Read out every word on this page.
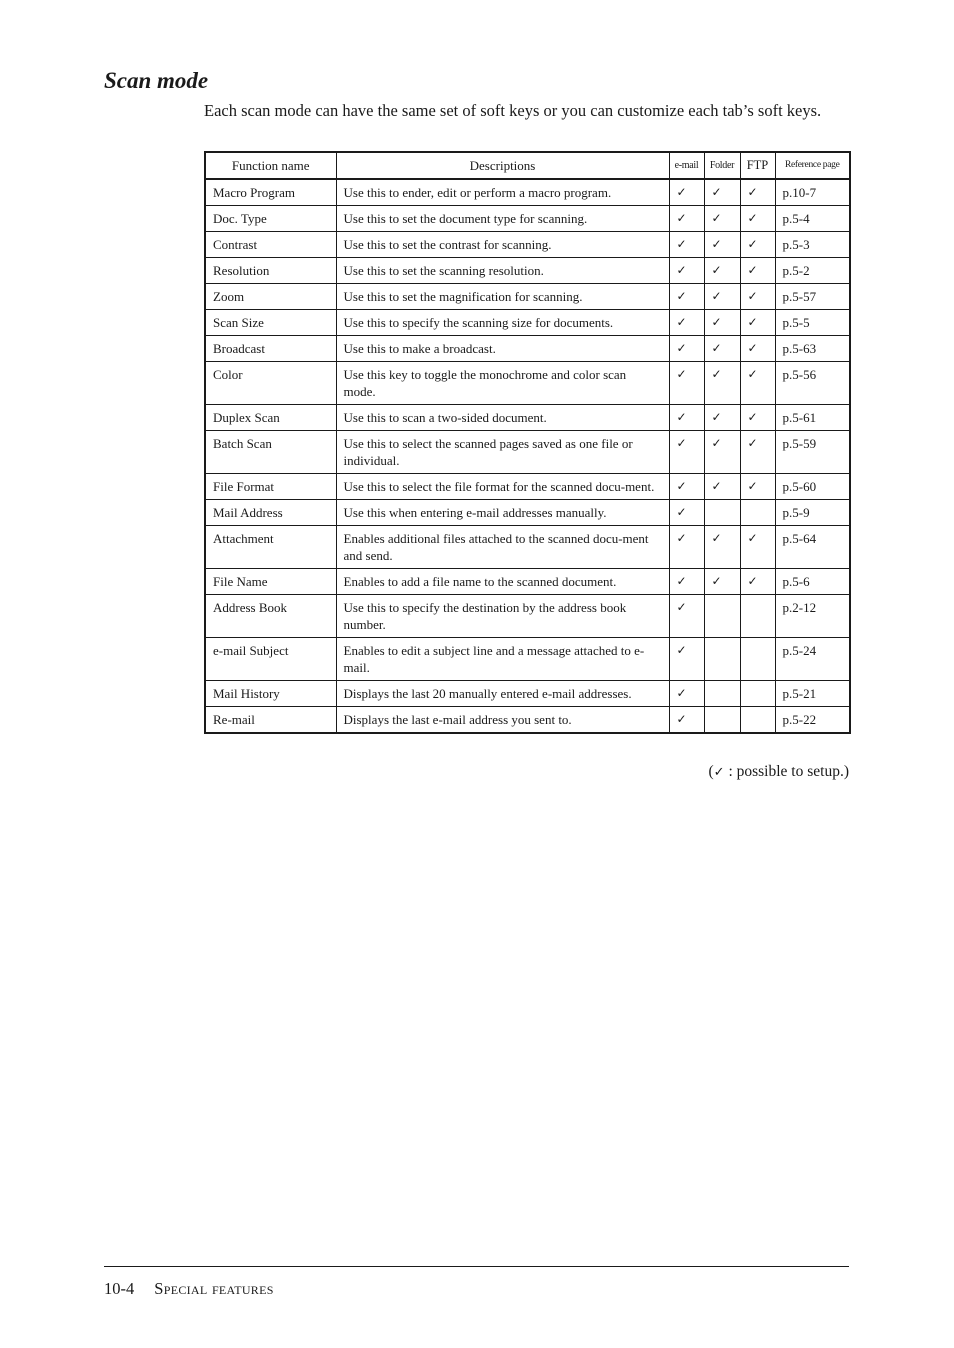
Scan mode

Each scan mode can have the same set of soft keys or you can customize each tab’s soft keys.

Function name	Descriptions	e-mail	Folder	FTP	Reference page
Macro Program	Use this to ender, edit or perform a macro program.	✓	✓	✓	p.10-7
Doc. Type	Use this to set the document type for scanning.	✓	✓	✓	p.5-4
Contrast	Use this to set the contrast for scanning.	✓	✓	✓	p.5-3
Resolution	Use this to set the scanning resolution.	✓	✓	✓	p.5-2
Zoom	Use this to set the magnification for scanning.	✓	✓	✓	p.5-57
Scan Size	Use this to specify the scanning size for documents.	✓	✓	✓	p.5-5
Broadcast	Use this to make a broadcast.	✓	✓	✓	p.5-63
Color	Use this key to toggle the monochrome and color scan mode.	✓	✓	✓	p.5-56
Duplex Scan	Use this to scan a two-sided document.	✓	✓	✓	p.5-61
Batch Scan	Use this to select the scanned pages saved as one file or individual.	✓	✓	✓	p.5-59
File Format	Use this to select the file format for the scanned docu-ment.	✓	✓	✓	p.5-60
Mail Address	Use this when entering e-mail addresses manually.	✓			p.5-9
Attachment	Enables additional files attached to the scanned docu-ment and send.	✓	✓	✓	p.5-64
File Name	Enables to add a file name to the scanned document.	✓	✓	✓	p.5-6
Address Book	Use this to specify the destination by the address book number.	✓			p.2-12
e-mail Subject	Enables to edit a subject line and a message attached to e-mail.	✓			p.5-24
Mail History	Displays the last 20 manually entered e-mail addresses.	✓			p.5-21
Re-mail	Displays the last e-mail address you sent to.	✓			p.5-22
(✓ : possible to setup.)
10-4 Special features
